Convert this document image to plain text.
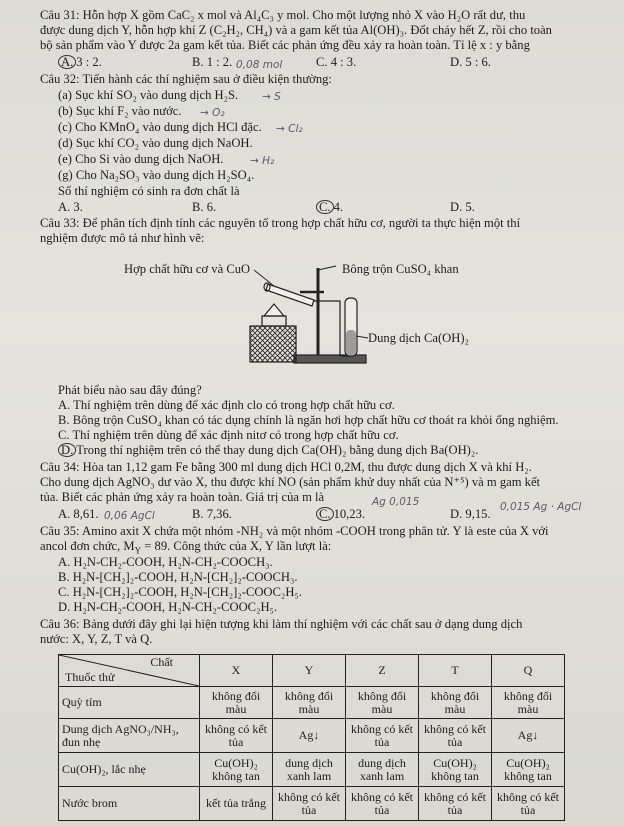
Câu 31: Hỗn hợp X gồm CaC₂ x mol và Al₄C₃ y mol. Cho một lượng nhỏ X vào H₂O rất dư, thu
được dung dịch Y, hỗn hợp khí Z (C₂H₂, CH₄) và a gam kết tủa Al(OH)₃. Đốt cháy hết Z, rồi cho toàn
bộ sản phẩm vào Y được 2a gam kết tủa. Biết các phản ứng đều xảy ra hoàn toàn. Tỉ lệ x : y bằng
A. 3 : 2.	B. 1 : 2. 0,08 mol	C. 4 : 3.	D. 5 : 6.
Câu 32: Tiến hành các thí nghiệm sau ở điều kiện thường:
(a) Sục khí SO₂ vào dung dịch H₂S. → S
(b) Sục khí F₂ vào nước. → O₂
(c) Cho KMnO₄ vào dung dịch HCl đặc. → Cl₂
(d) Sục khí CO₂ vào dung dịch NaOH.
(e) Cho Si vào dung dịch NaOH.	→ H₂
(g) Cho Na₂SO₃ vào dung dịch H₂SO₄.
Số thí nghiệm có sinh ra đơn chất là
A. 3.	B. 6.	C. 4.	D. 5.
Câu 33: Để phân tích định tính các nguyên tố trong hợp chất hữu cơ, người ta thực hiện một thí
nghiệm được mô tả như hình vẽ:
Hợp chất hữu cơ và CuO	Bông trộn CuSO₄ khan
Dung dịch Ca(OH)₂
Phát biểu nào sau đây đúng?
A. Thí nghiệm trên dùng để xác định clo có trong hợp chất hữu cơ.
B. Bông trộn CuSO₄ khan có tác dụng chính là ngăn hơi hợp chất hữu cơ thoát ra khỏi ống nghiệm.
C. Thí nghiệm trên dùng để xác định nitơ có trong hợp chất hữu cơ.
D. Trong thí nghiệm trên có thể thay dung dịch Ca(OH)₂ bằng dung dịch Ba(OH)₂.
Câu 34: Hòa tan 1,12 gam Fe bằng 300 ml dung dịch HCl 0,2M, thu được dung dịch X và khí H₂.
Cho dung dịch AgNO₃ dư vào X, thu được khí NO (sản phẩm khử duy nhất của N⁺⁵) và m gam kết
tủa. Biết các phản ứng xảy ra hoàn toàn. Giá trị của m là
A. 8,61. 0,06 AgCl	B. 7,36.	C. 10,23.
Ag 0,015
D. 9,15. 0,015 Ag · AgCl
Câu 35: Amino axit X chứa một nhóm -NH₂ và một nhóm -COOH trong phân tử. Y là este của X với
ancol đơn chức, $M_Y = 89$. Công thức của X, Y lần lượt là:
A. H₂N-CH₂-COOH, H₂N-CH₂-COOCH₃.
B. H₂N-[CH₂]₂-COOH, H₂N-[CH₂]₂-COOCH₃.
C. H₂N-[CH₂]₂-COOH, H₂N-[CH₂]₂-COOC₂H₅.
D. H₂N-CH₂-COOH, H₂N-CH₂-COOC₂H₅.
Câu 36: Bảng dưới đây ghi lại hiện tượng khi làm thí nghiệm với các chất sau ở dạng dung dịch
nước: X, Y, Z, T và Q.
Chất
Thuốc thử	X	Y	Z	T	Q
Quỳ tím	không đổi màu	không đổi màu	không đổi màu	không đổi màu	không đổi màu
Dung dịch AgNO₃/NH₃, đun nhẹ	không có kết tủa	Ag↓	không có kết tủa	không có kết tủa	Ag↓
Cu(OH)₂, lắc nhẹ	Cu(OH)₂ không tan	dung dịch xanh lam	dung dịch xanh lam	Cu(OH)₂ không tan	Cu(OH)₂ không tan
Nước brom	kết tủa trắng	không có kết tủa	không có kết tủa	không có kết tủa	không có kết tủa
